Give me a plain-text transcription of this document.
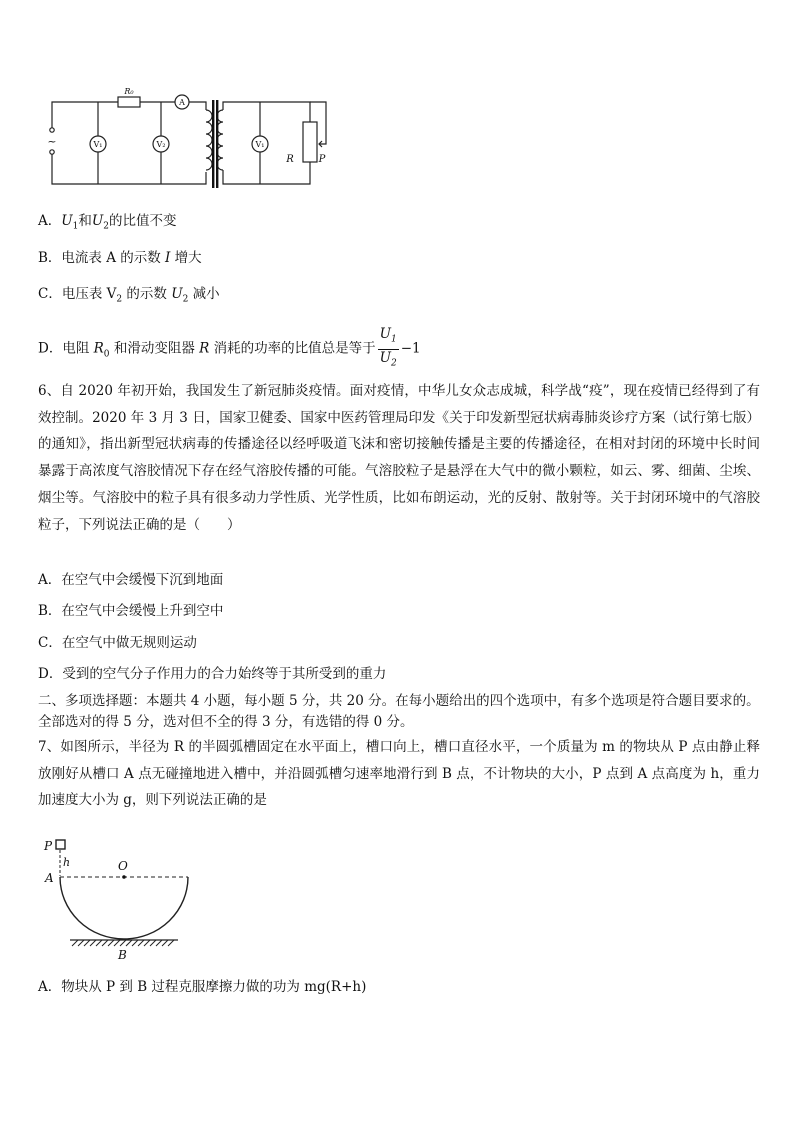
R₀
A
V₁	V₂	V₁
R P
~
A．$U_1$和$U_2$的比值不变
B．电流表 A 的示数 I 增大
C．电压表 $V_2$ 的示数 $U_2$ 减小
D．电阻 $R_0$ 和滑动变阻器 R 消耗的功率的比值总是等于 $\frac{U_1}{U_2} -1$
6、自 2020 年初开始，我国发生了新冠肺炎疫情。面对疫情，中华儿女众志成城，科学战“疫”，现在疫情已经得到了有效控制。2020 年 3 月 3 日，国家卫健委、国家中医药管理局印发《关于印发新型冠状病毒肺炎诊疗方案（试行第七版）的通知》，指出新型冠状病毒的传播途径以经呼吸道飞沫和密切接触传播是主要的传播途径，在相对封闭的环境中长时间暴露于高浓度气溶胶情况下存在经气溶胶传播的可能。气溶胶粒子是悬浮在大气中的微小颗粒，如云、雾、细菌、尘埃、烟尘等。气溶胶中的粒子具有很多动力学性质、光学性质，比如布朗运动，光的反射、散射等。关于封闭环境中的气溶胶粒子，下列说法正确的是（　　）
A．在空气中会缓慢下沉到地面
B．在空气中会缓慢上升到空中
C．在空气中做无规则运动
D．受到的空气分子作用力的合力始终等于其所受到的重力
二、多项选择题：本题共 4 小题，每小题 5 分，共 20 分。在每小题给出的四个选项中，有多个选项是符合题目要求的。全部选对的得 5 分，选对但不全的得 3 分，有选错的得 0 分。
7、如图所示，半径为 R 的半圆弧槽固定在水平面上，槽口向上，槽口直径水平，一个质量为 m 的物块从 P 点由静止释放刚好从槽口 A 点无碰撞地进入槽中，并沿圆弧槽匀速率地滑行到 B 点，不计物块的大小，P 点到 A 点高度为 h，重力加速度大小为 g，则下列说法正确的是
P
h	O
A
B
A．物块从 P 到 B 过程克服摩擦力做的功为 mg(R+h)
